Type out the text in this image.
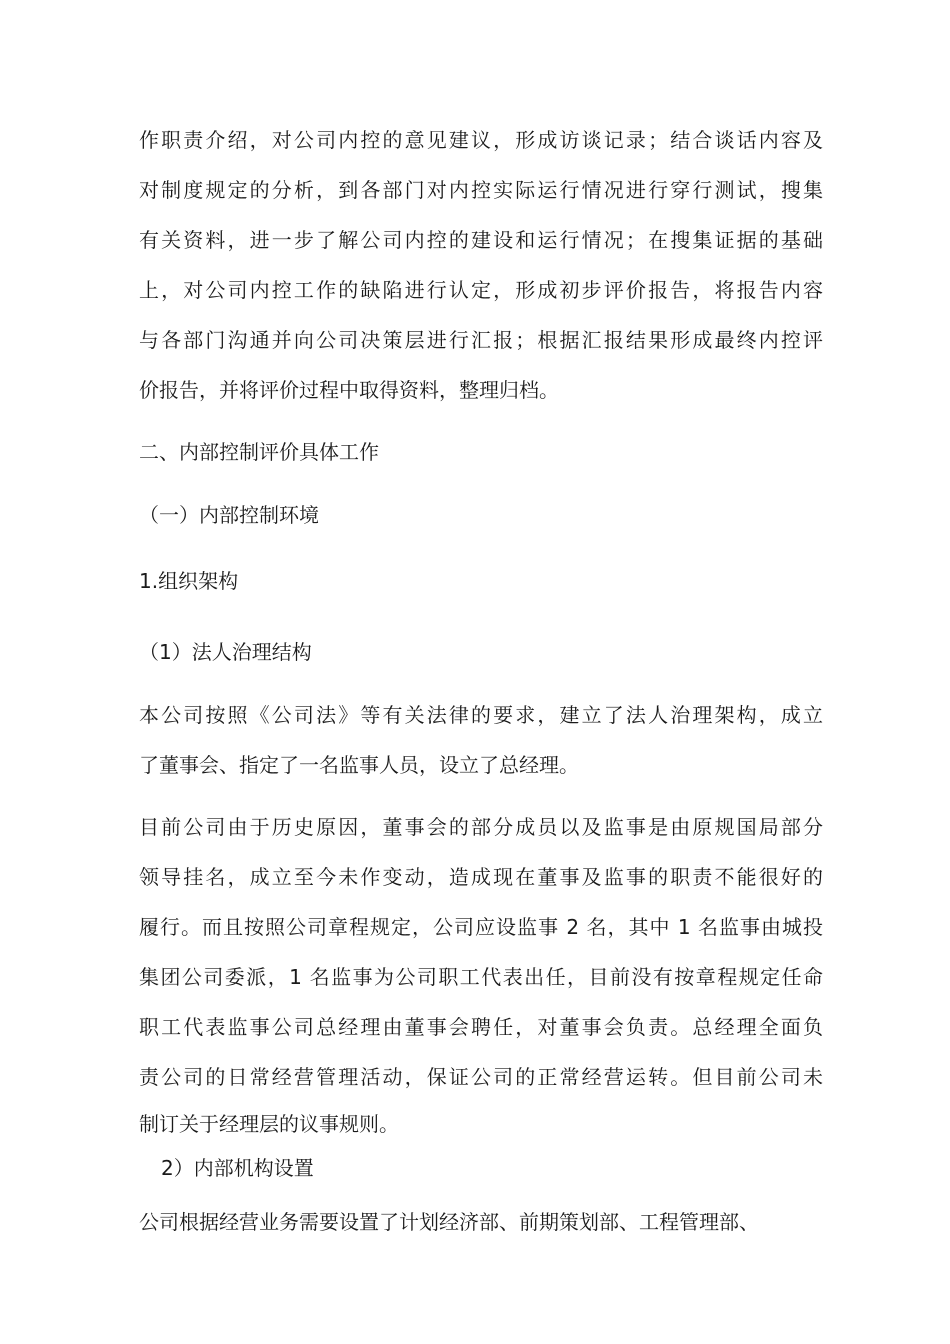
作职责介绍，对公司内控的意见建议，形成访谈记录；结合谈话内容及
对制度规定的分析，到各部门对内控实际运行情况进行穿行测试，搜集
有关资料，进一步了解公司内控的建设和运行情况；在搜集证据的基础
上，对公司内控工作的缺陷进行认定，形成初步评价报告，将报告内容
与各部门沟通并向公司决策层进行汇报；根据汇报结果形成最终内控评
价报告，并将评价过程中取得资料，整理归档。
二、内部控制评价具体工作
（一）内部控制环境
1.组织架构
（1）法人治理结构
本公司按照《公司法》等有关法律的要求，建立了法人治理架构，成立
了董事会、指定了一名监事人员，设立了总经理。
目前公司由于历史原因，董事会的部分成员以及监事是由原规国局部分
领导挂名，成立至今未作变动，造成现在董事及监事的职责不能很好的
履行。而且按照公司章程规定，公司应设监事 2 名，其中 1 名监事由城投
集团公司委派，1 名监事为公司职工代表出任，目前没有按章程规定任命
职工代表监事公司总经理由董事会聘任，对董事会负责。总经理全面负
责公司的日常经营管理活动，保证公司的正常经营运转。但目前公司未
制订关于经理层的议事规则。
2）内部机构设置
公司根据经营业务需要设置了计划经济部、前期策划部、工程管理部、
